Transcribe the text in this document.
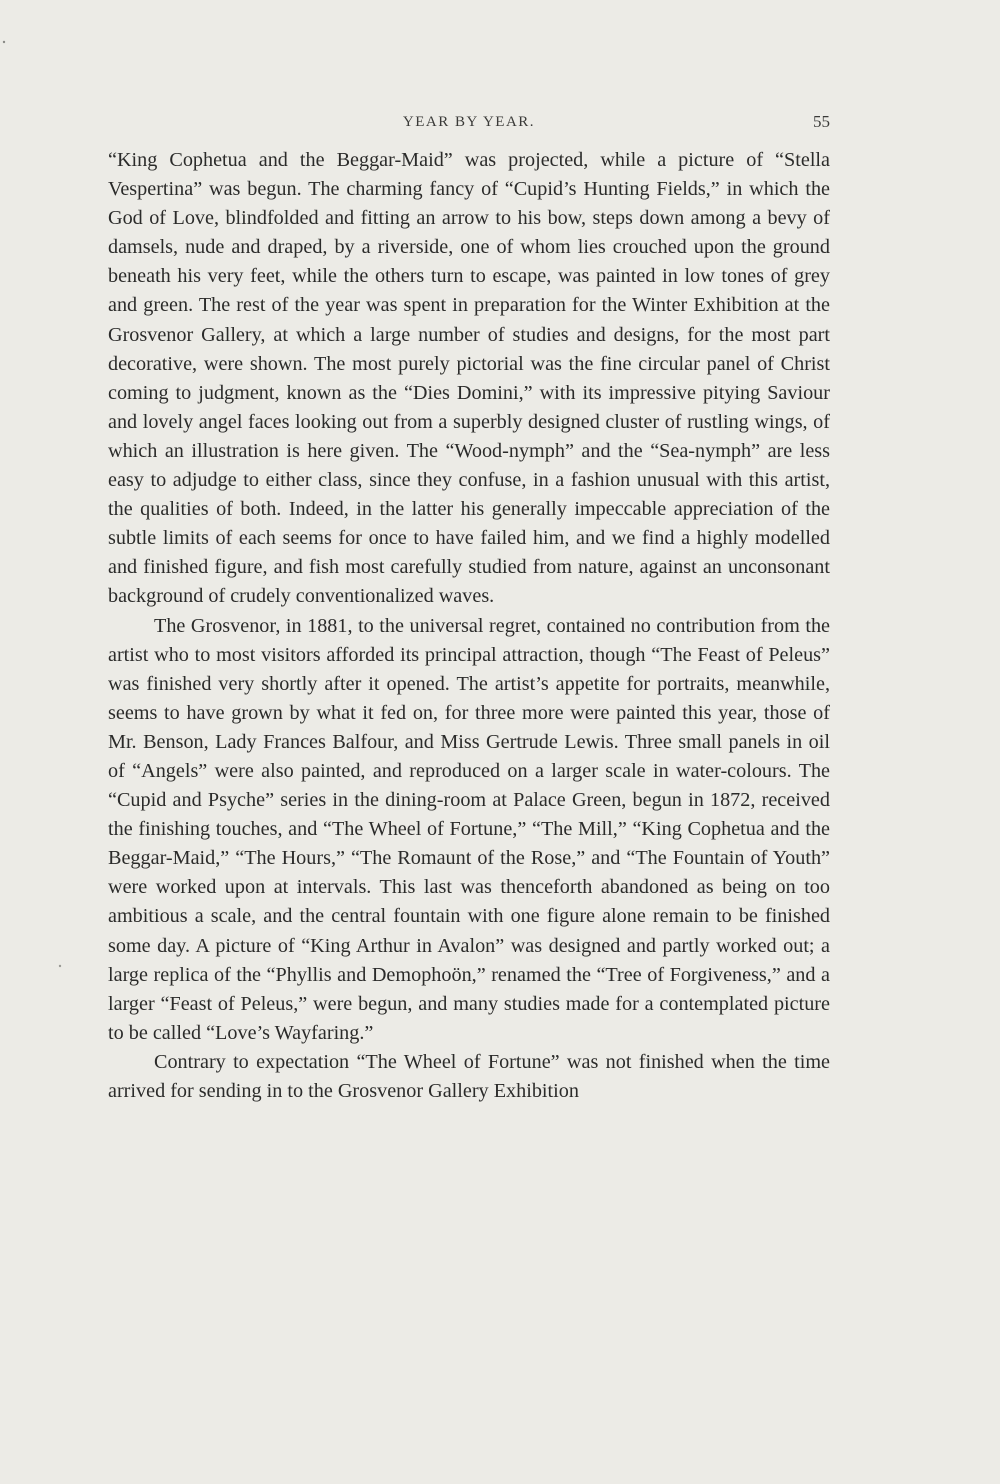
YEAR BY YEAR.	55

“King Cophetua and the Beggar-Maid” was projected, while a picture of “Stella Vespertina” was begun. The charming fancy of “Cupid’s Hunting Fields,” in which the God of Love, blindfolded and fitting an arrow to his bow, steps down among a bevy of damsels, nude and draped, by a riverside, one of whom lies crouched upon the ground beneath his very feet, while the others turn to escape, was painted in low tones of grey and green. The rest of the year was spent in preparation for the Winter Exhibition at the Grosvenor Gallery, at which a large number of studies and designs, for the most part decorative, were shown. The most purely pictorial was the fine circular panel of Christ coming to judgment, known as the “Dies Domini,” with its impressive pitying Saviour and lovely angel faces looking out from a superbly designed cluster of rustling wings, of which an illustration is here given. The “Wood-nymph” and the “Sea-nymph” are less easy to adjudge to either class, since they confuse, in a fashion unusual with this artist, the qualities of both. Indeed, in the latter his generally impeccable appreciation of the subtle limits of each seems for once to have failed him, and we find a highly modelled and finished figure, and fish most carefully studied from nature, against an unconsonant background of crudely conventionalized waves.

The Grosvenor, in 1881, to the universal regret, contained no contribution from the artist who to most visitors afforded its principal attraction, though “The Feast of Peleus” was finished very shortly after it opened. The artist’s appetite for portraits, meanwhile, seems to have grown by what it fed on, for three more were painted this year, those of Mr. Benson, Lady Frances Balfour, and Miss Gertrude Lewis. Three small panels in oil of “Angels” were also painted, and reproduced on a larger scale in water-colours. The “Cupid and Psyche” series in the dining-room at Palace Green, begun in 1872, received the finishing touches, and “The Wheel of Fortune,” “The Mill,” “King Cophetua and the Beggar-Maid,” “The Hours,” “The Romaunt of the Rose,” and “The Fountain of Youth” were worked upon at intervals. This last was thenceforth abandoned as being on too ambitious a scale, and the central fountain with one figure alone remain to be finished some day. A picture of “King Arthur in Avalon” was designed and partly worked out; a large replica of the “Phyllis and Demophoön,” renamed the “Tree of Forgiveness,” and a larger “Feast of Peleus,” were begun, and many studies made for a contemplated picture to be called “Love’s Wayfaring.”

Contrary to expectation “The Wheel of Fortune” was not finished when the time arrived for sending in to the Grosvenor Gallery Exhibition
